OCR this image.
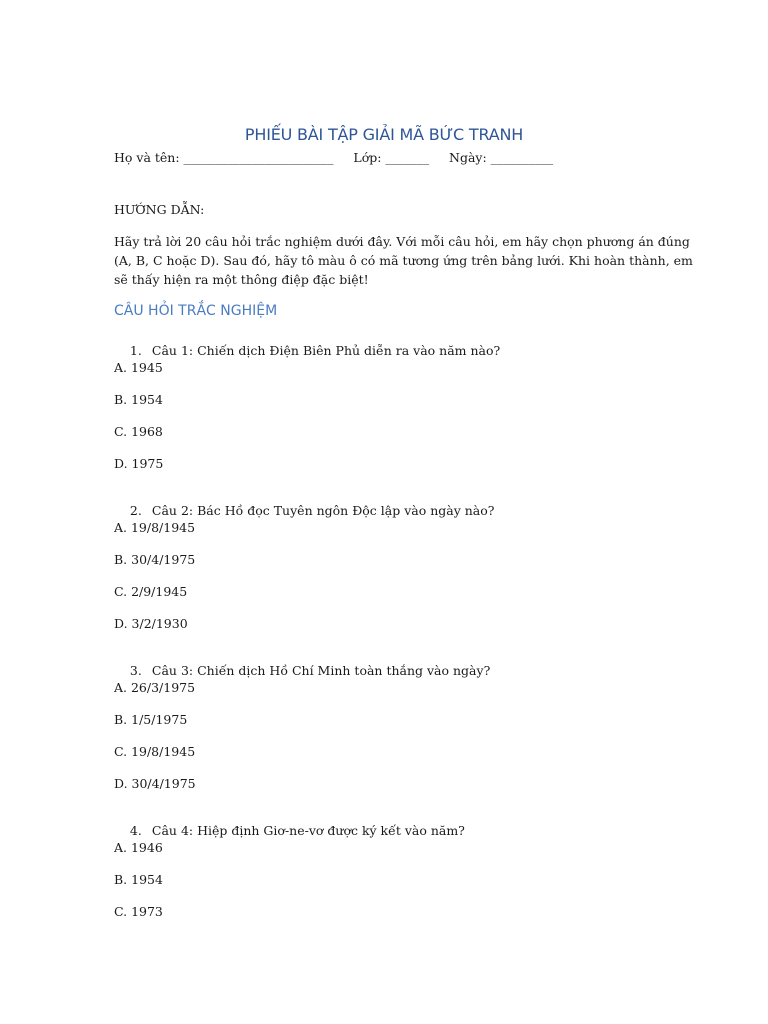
PHIẾU BÀI TẬP GIẢI MÃ BỨC TRANH
Họ và tên: ________________________     Lớp: _______     Ngày: __________
HƯỚNG DẪN:
Hãy trả lời 20 câu hỏi trắc nghiệm dưới đây. Với mỗi câu hỏi, em hãy chọn phương án đúng
(A, B, C hoặc D). Sau đó, hãy tô màu ô có mã tương ứng trên bảng lưới. Khi hoàn thành, em
sẽ thấy hiện ra một thông điệp đặc biệt!
CÂU HỎI TRẮC NGHIỆM

1. Câu 1: Chiến dịch Điện Biên Phủ diễn ra vào năm nào?

A. 1945
B. 1954
C. 1968
D. 1975

2. Câu 2: Bác Hồ đọc Tuyên ngôn Độc lập vào ngày nào?

A. 19/8/1945
B. 30/4/1975
C. 2/9/1945
D. 3/2/1930

3. Câu 3: Chiến dịch Hồ Chí Minh toàn thắng vào ngày?

A. 26/3/1975
B. 1/5/1975
C. 19/8/1945
D. 30/4/1975

4. Câu 4: Hiệp định Giơ-ne-vơ được ký kết vào năm?

A. 1946
B. 1954
C. 1973
